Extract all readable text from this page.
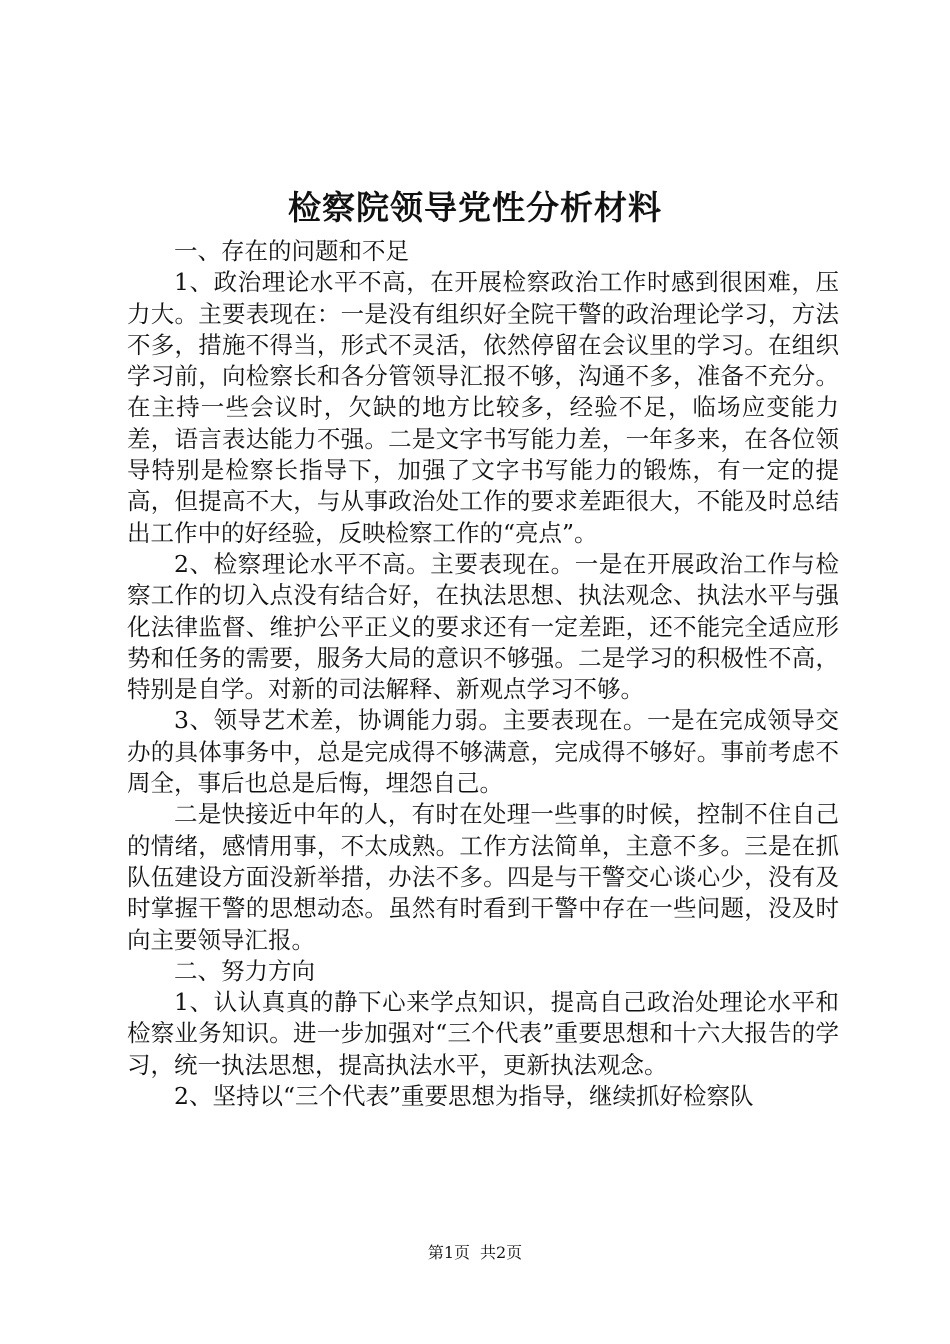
检察院领导党性分析材料

一、存在的问题和不足

1、政治理论水平不高，在开展检察政治工作时感到很困难，压力大。主要表现在：一是没有组织好全院干警的政治理论学习，方法不多，措施不得当，形式不灵活，依然停留在会议里的学习。在组织学习前，向检察长和各分管领导汇报不够，沟通不多，准备不充分。在主持一些会议时，欠缺的地方比较多，经验不足，临场应变能力差，语言表达能力不强。二是文字书写能力差，一年多来，在各位领导特别是检察长指导下，加强了文字书写能力的锻炼，有一定的提高，但提高不大，与从事政治处工作的要求差距很大，不能及时总结出工作中的好经验，反映检察工作的“亮点”。

2、检察理论水平不高。主要表现在。一是在开展政治工作与检察工作的切入点没有结合好，在执法思想、执法观念、执法水平与强化法律监督、维护公平正义的要求还有一定差距，还不能完全适应形势和任务的需要，服务大局的意识不够强。二是学习的积极性不高，特别是自学。对新的司法解释、新观点学习不够。

3、领导艺术差，协调能力弱。主要表现在。一是在完成领导交办的具体事务中，总是完成得不够满意，完成得不够好。事前考虑不周全，事后也总是后悔，埋怨自己。

二是快接近中年的人，有时在处理一些事的时候，控制不住自己的情绪，感情用事，不太成熟。工作方法简单，主意不多。三是在抓队伍建设方面没新举措，办法不多。四是与干警交心谈心少，没有及时掌握干警的思想动态。虽然有时看到干警中存在一些问题，没及时向主要领导汇报。

二、努力方向

1、认认真真的静下心来学点知识，提高自己政治处理论水平和检察业务知识。进一步加强对“三个代表”重要思想和十六大报告的学习，统一执法思想，提高执法水平，更新执法观念。

2、坚持以“三个代表”重要思想为指导，继续抓好检察队

第1页 共2页
